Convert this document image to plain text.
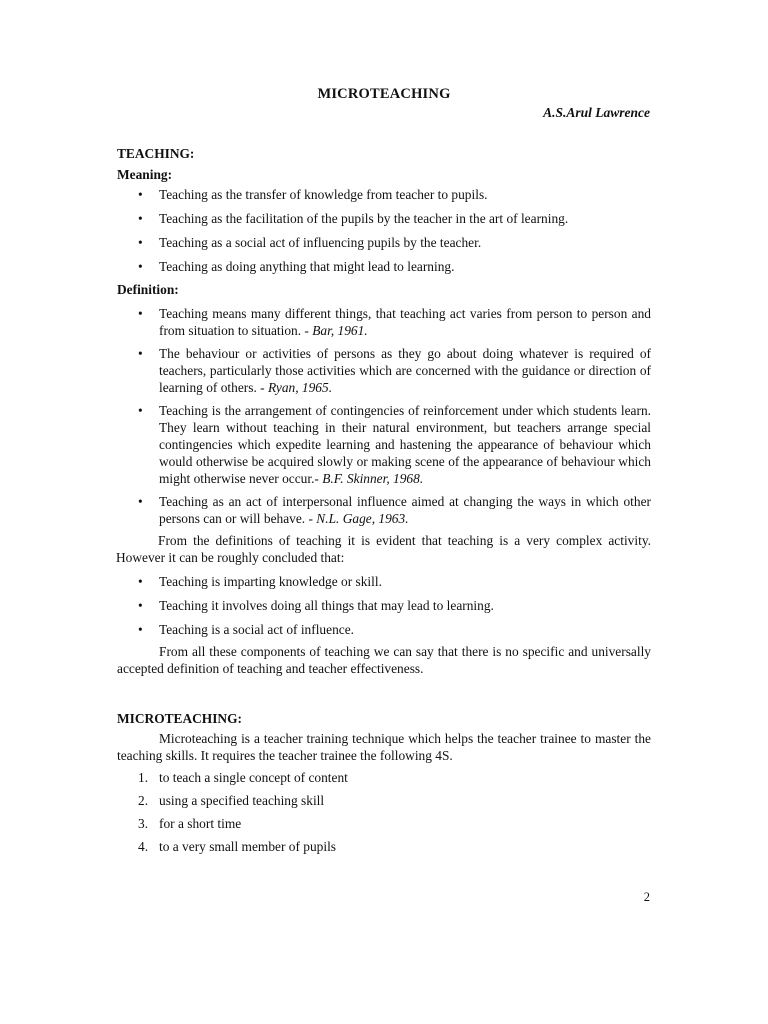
MICROTEACHING
A.S.Arul Lawrence
TEACHING:
Meaning:
• Teaching as the transfer of knowledge from teacher to pupils.
• Teaching as the facilitation of the pupils by the teacher in the art of learning.
• Teaching as a social act of influencing pupils by the teacher.
• Teaching as doing anything that might lead to learning.
Definition:
• Teaching means many different things, that teaching act varies from person to person and from situation to situation. - Bar, 1961.
• The behaviour or activities of persons as they go about doing whatever is required of teachers, particularly those activities which are concerned with the guidance or direction of learning of others. - Ryan, 1965.
• Teaching is the arrangement of contingencies of reinforcement under which students learn. They learn without teaching in their natural environment, but teachers arrange special contingencies which expedite learning and hastening the appearance of behaviour which would otherwise be acquired slowly or making scene of the appearance of behaviour which might otherwise never occur.- B.F. Skinner, 1968.
• Teaching as an act of interpersonal influence aimed at changing the ways in which other persons can or will behave. - N.L. Gage, 1963.

From the definitions of teaching it is evident that teaching is a very complex activity. However it can be roughly concluded that:

• Teaching is imparting knowledge or skill.
• Teaching it involves doing all things that may lead to learning.
• Teaching is a social act of influence.

From all these components of teaching we can say that there is no specific and universally accepted definition of teaching and teacher effectiveness.

MICROTEACHING:

Microteaching is a teacher training technique which helps the teacher trainee to master the teaching skills. It requires the teacher trainee the following 4S.

1. to teach a single concept of content
2. using a specified teaching skill
3. for a short time
4. to a very small member of pupils
2
